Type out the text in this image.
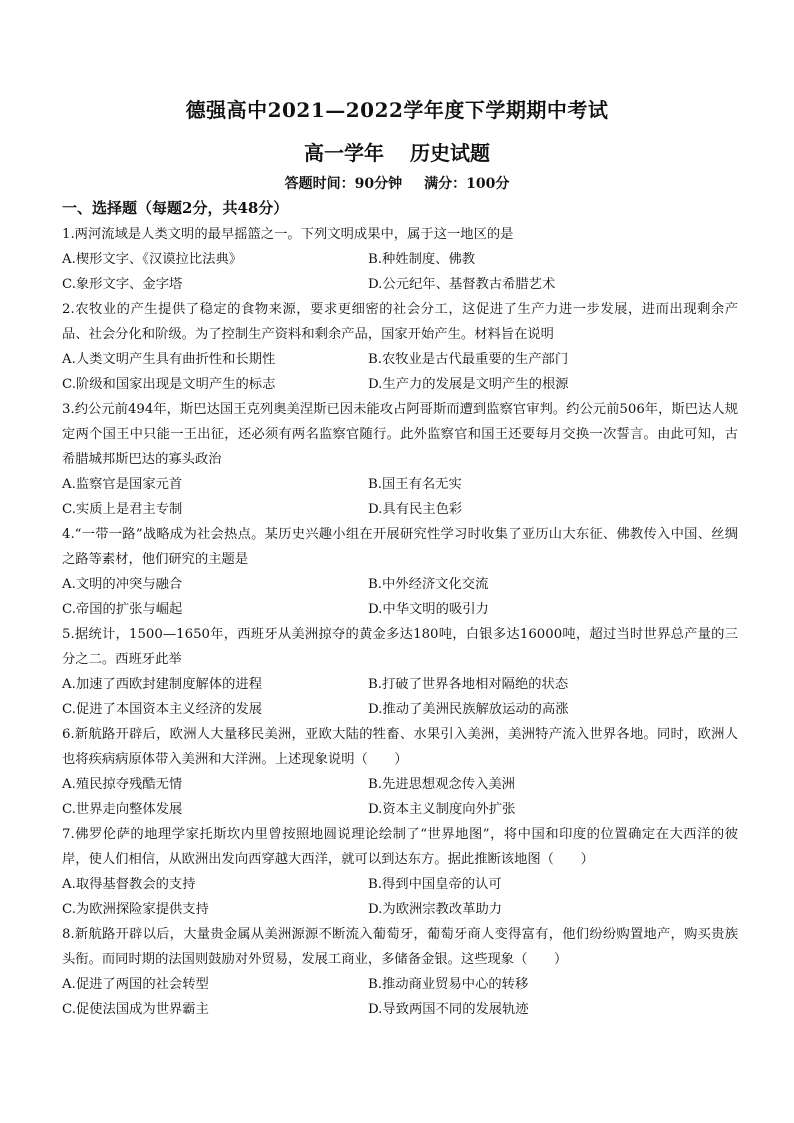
德强高中2021—2022学年度下学期期中考试
高一学年 历史试题
答题时间：90分钟 满分：100分
一、选择题（每题2分，共48分）
1.两河流域是人类文明的最早摇篮之一。下列文明成果中，属于这一地区的是
A.楔形文字、《汉谟拉比法典》	B.种姓制度、佛教
C.象形文字、金字塔	D.公元纪年、基督教古希腊艺术
2.农牧业的产生提供了稳定的食物来源，要求更细密的社会分工，这促进了生产力进一步发展，进而出现剩余产品、社会分化和阶级。为了控制生产资料和剩余产品，国家开始产生。材料旨在说明
A.人类文明产生具有曲折性和长期性	B.农牧业是古代最重要的生产部门
C.阶级和国家出现是文明产生的标志	D.生产力的发展是文明产生的根源
3.约公元前494年，斯巴达国王克列奥美涅斯已因未能攻占阿哥斯而遭到监察官审判。约公元前506年，斯巴达人规定两个国王中只能一王出征，还必须有两名监察官随行。此外监察官和国王还要每月交换一次誓言。由此可知，古希腊城邦斯巴达的寡头政治
A.监察官是国家元首	B.国王有名无实
C.实质上是君主专制	D.具有民主色彩
4.“一带一路”战略成为社会热点。某历史兴趣小组在开展研究性学习时收集了亚历山大东征、佛教传入中国、丝绸之路等素材，他们研究的主题是
A.文明的冲突与融合	B.中外经济文化交流
C.帝国的扩张与崛起	D.中华文明的吸引力
5.据统计，1500—1650年，西班牙从美洲掠夺的黄金多达180吨，白银多达16000吨，超过当时世界总产量的三分之二。西班牙此举
A.加速了西欧封建制度解体的进程	B.打破了世界各地相对隔绝的状态
C.促进了本国资本主义经济的发展	D.推动了美洲民族解放运动的高涨
6.新航路开辟后，欧洲人大量移民美洲，亚欧大陆的牲畜、水果引入美洲，美洲特产流入世界各地。同时，欧洲人也将疾病病原体带入美洲和大洋洲。上述现象说明（　　）
A.殖民掠夺残酷无情	B.先进思想观念传入美洲
C.世界走向整体发展	D.资本主义制度向外扩张
7.佛罗伦萨的地理学家托斯坎内里曾按照地圆说理论绘制了“世界地图”，将中国和印度的位置确定在大西洋的彼岸，使人们相信，从欧洲出发向西穿越大西洋，就可以到达东方。据此推断该地图（　　）
A.取得基督教会的支持	B.得到中国皇帝的认可
C.为欧洲探险家提供支持	D.为欧洲宗教改革助力
8.新航路开辟以后，大量贵金属从美洲源源不断流入葡萄牙，葡萄牙商人变得富有，他们纷纷购置地产，购买贵族头衔。而同时期的法国则鼓励对外贸易，发展工商业，多储备金银。这些现象（　　）
A.促进了两国的社会转型	B.推动商业贸易中心的转移
C.促使法国成为世界霸主	D.导致两国不同的发展轨迹
